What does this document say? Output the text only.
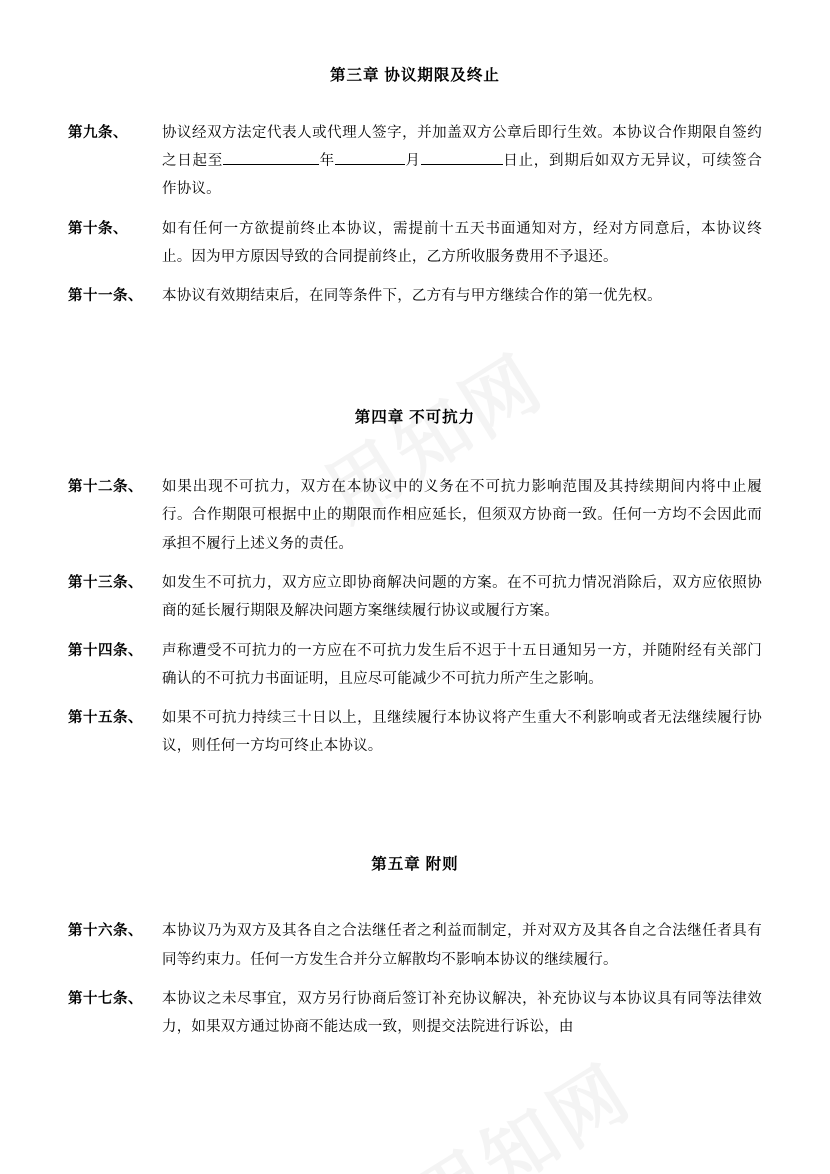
第三章 协议期限及终止
第九条、	协议经双方法定代表人或代理人签字，并加盖双方公章后即行生效。本协议合作期限自签约之日起至	年	月	日止，到期后如双方无异议，可续签合作协议。
第十条、	如有任何一方欲提前终止本协议，需提前十五天书面通知对方，经对方同意后，本协议终止。因为甲方原因导致的合同提前终止，乙方所收服务费用不予退还。
第十一条、	本协议有效期结束后，在同等条件下，乙方有与甲方继续合作的第一优先权。
第四章 不可抗力
第十二条、	如果出现不可抗力，双方在本协议中的义务在不可抗力影响范围及其持续期间内将中止履行。合作期限可根据中止的期限而作相应延长，但须双方协商一致。任何一方均不会因此而承担不履行上述义务的责任。
第十三条、	如发生不可抗力，双方应立即协商解决问题的方案。在不可抗力情况消除后，双方应依照协商的延长履行期限及解决问题方案继续履行协议或履行方案。
第十四条、	声称遭受不可抗力的一方应在不可抗力发生后不迟于十五日通知另一方，并随附经有关部门确认的不可抗力书面证明，且应尽可能减少不可抗力所产生之影响。
第十五条、	如果不可抗力持续三十日以上，且继续履行本协议将产生重大不利影响或者无法继续履行协议，则任何一方均可终止本协议。
第五章 附则
第十六条、	本协议乃为双方及其各自之合法继任者之利益而制定，并对双方及其各自之合法继任者具有同等约束力。任何一方发生合并分立解散均不影响本协议的继续履行。
第十七条、	本协议之未尽事宜，双方另行协商后签订补充协议解决，补充协议与本协议具有同等法律效力，如果双方通过协商不能达成一致，则提交法院进行诉讼，由
